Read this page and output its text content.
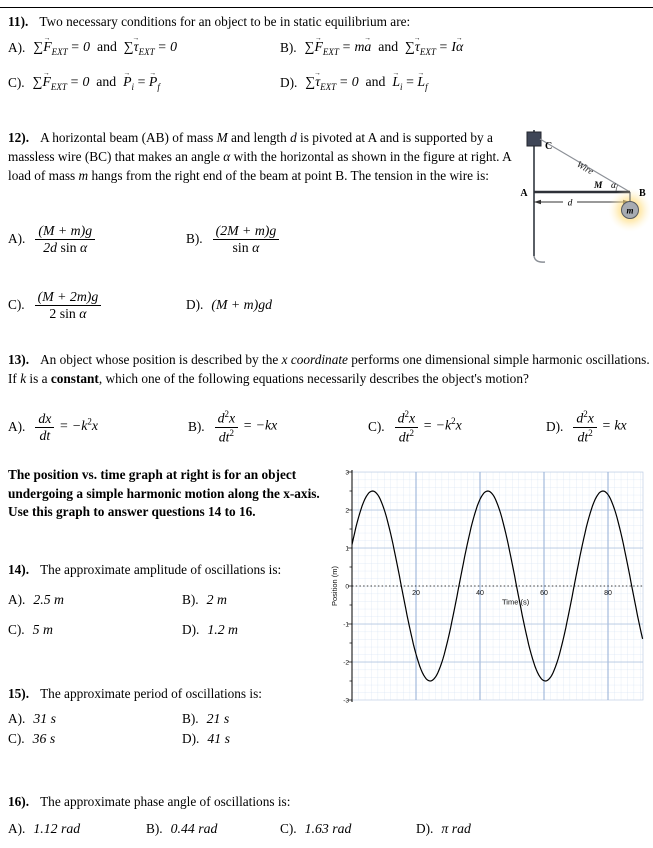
11). Two necessary conditions for an object to be in static equilibrium are:
A). $\sum F \to_{EXT} = 0$ and $\sum\tau \to_{EXT} = 0$	B). $\sum F \to_{EXT}$  = ma → and $\sum\tau \to_{EXT} = I\alpha$ →
C). $\sum F \to_{EXT} = 0$ and $P \to_i = P \to_f$	D). $\sum\tau \to_{EXT} = 0$ and $L \to_i = L \to_f$
12). A horizontal beam (AB) of mass M and length d is pivoted at A and is supported by a massless wire (BC) that makes an angle α with the horizontal as shown in the figure at right. A load of mass m hangs from the right end of the beam at point B. The tension in the wire is:
C
A	B
Wire
M α
d
m
A). $\frac{(M + m)g}{\text{2d sin α}}$	B). $\frac{(2M + m)g}{\text{sin α}}$
C). $\frac{(M + 2m)g}{\text{2 sin α}}$	D). (M + m)gd
13). An object whose position is described by the x coordinate performs one dimensional simple harmonic oscillations. If k is a constant, which one of the following equations necessarily describes the object's motion?
A). $\frac{dx}{dt} = -k^2x$	B). $\frac{d^2x}{dt^2} = -kx$	C). $\frac{d^2x}{dt^2} = -k^2x$	D). $\frac{d^2x}{dt^2}$  = kx
The position vs. time graph at right is for an object undergoing a simple harmonic motion along the x-axis. Use this graph to answer questions 14 to 16.
3
2
1
0
-1
-2
-3
20	40	60	80
Time (s)
Position (m)
14). The approximate amplitude of oscillations is:
A). 2.5 m	B). 2 m
C). 5 m	D). 1.2 m
15). The approximate period of oscillations is:
A). 31 s	B). 21 s
C). 36 s	D). 41 s
16). The approximate phase angle of oscillations is:
A). 1.12 rad	B). 0.44 rad	C). 1.63 rad	D). π rad
